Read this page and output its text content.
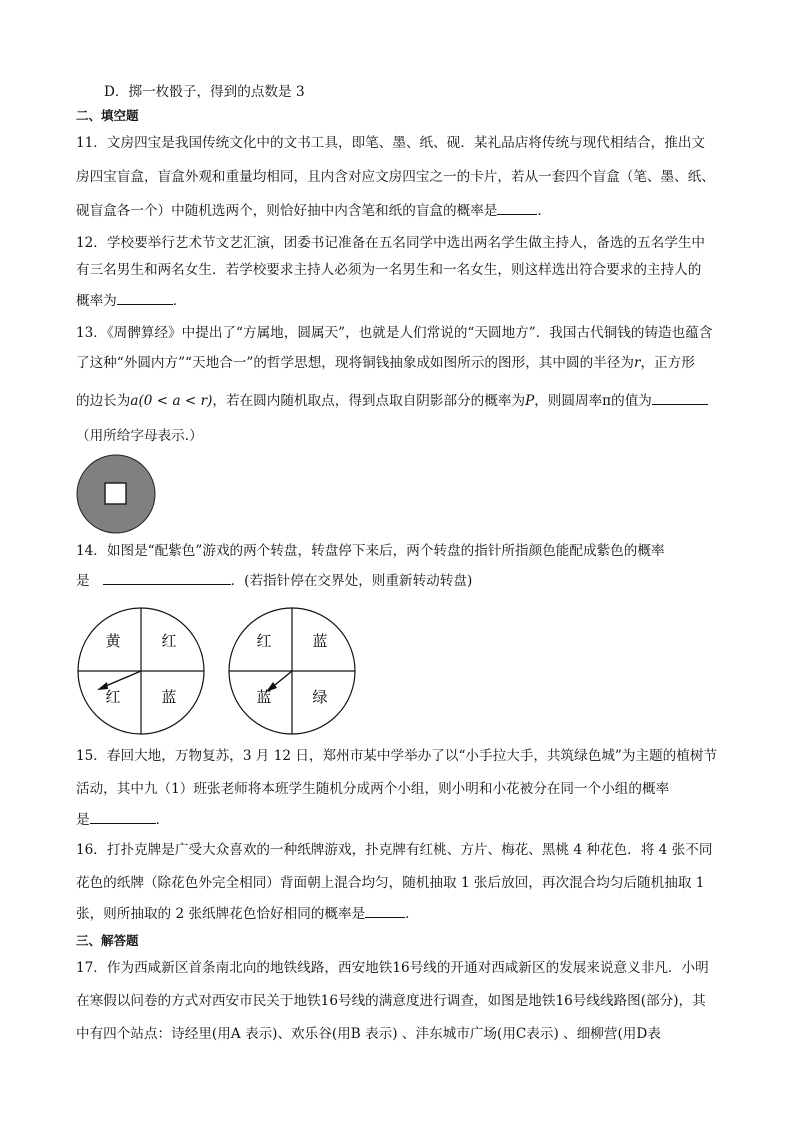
D．掷一枚骰子，得到的点数是 3
二、填空题
11．文房四宝是我国传统文化中的文书工具，即笔、墨、纸、砚．某礼品店将传统与现代相结合，推出文
房四宝盲盒，盲盒外观和重量均相同，且内含对应文房四宝之一的卡片，若从一套四个盲盒（笔、墨、纸、
砚盲盒各一个）中随机选两个，则恰好抽中内含笔和纸的盲盒的概率是	．
12．学校要举行艺术节文艺汇演，团委书记准备在五名同学中选出两名学生做主持人，备选的五名学生中
有三名男生和两名女生．若学校要求主持人必须为一名男生和一名女生，则这样选出符合要求的主持人的
概率为	．
13．《周髀算经》中提出了“方属地，圆属天”，也就是人们常说的“天圆地方”．我国古代铜钱的铸造也蕴含
了这种“外圆内方”“天地合一”的哲学思想，现将铜钱抽象成如图所示的图形，其中圆的半径为r，正方形
的边长为a(0 < a < r)，若在圆内随机取点，得到点取自阴影部分的概率为P，则圆周率π的值为
（用所给字母表示.）
14．如图是“配紫色”游戏的两个转盘，转盘停下来后，两个转盘的指针所指颜色能配成紫色的概率
是	．(若指针停在交界处，则重新转动转盘)
黄	红
红	蓝
红	蓝
蓝	绿
15．春回大地，万物复苏，3 月 12 日，郑州市某中学举办了以“小手拉大手，共筑绿色城”为主题的植树节
活动，其中九（1）班张老师将本班学生随机分成两个小组，则小明和小花被分在同一个小组的概率
是	．
16．打扑克牌是广受大众喜欢的一种纸牌游戏，扑克牌有红桃、方片、梅花、黑桃 4 种花色．将 4 张不同
花色的纸牌（除花色外完全相同）背面朝上混合均匀，随机抽取 1 张后放回，再次混合均匀后随机抽取 1
张，则所抽取的 2 张纸牌花色恰好相同的概率是	．
三、解答题
17．作为西咸新区首条南北向的地铁线路，西安地铁16号线的开通对西咸新区的发展来说意义非凡．小明
在寒假以问卷的方式对西安市民关于地铁16号线的满意度进行调查，如图是地铁16号线线路图(部分)，其
中有四个站点：诗经里(用A 表示)、欢乐谷(用B 表示) 、沣东城市广场(用C表示) 、细柳营(用D表
